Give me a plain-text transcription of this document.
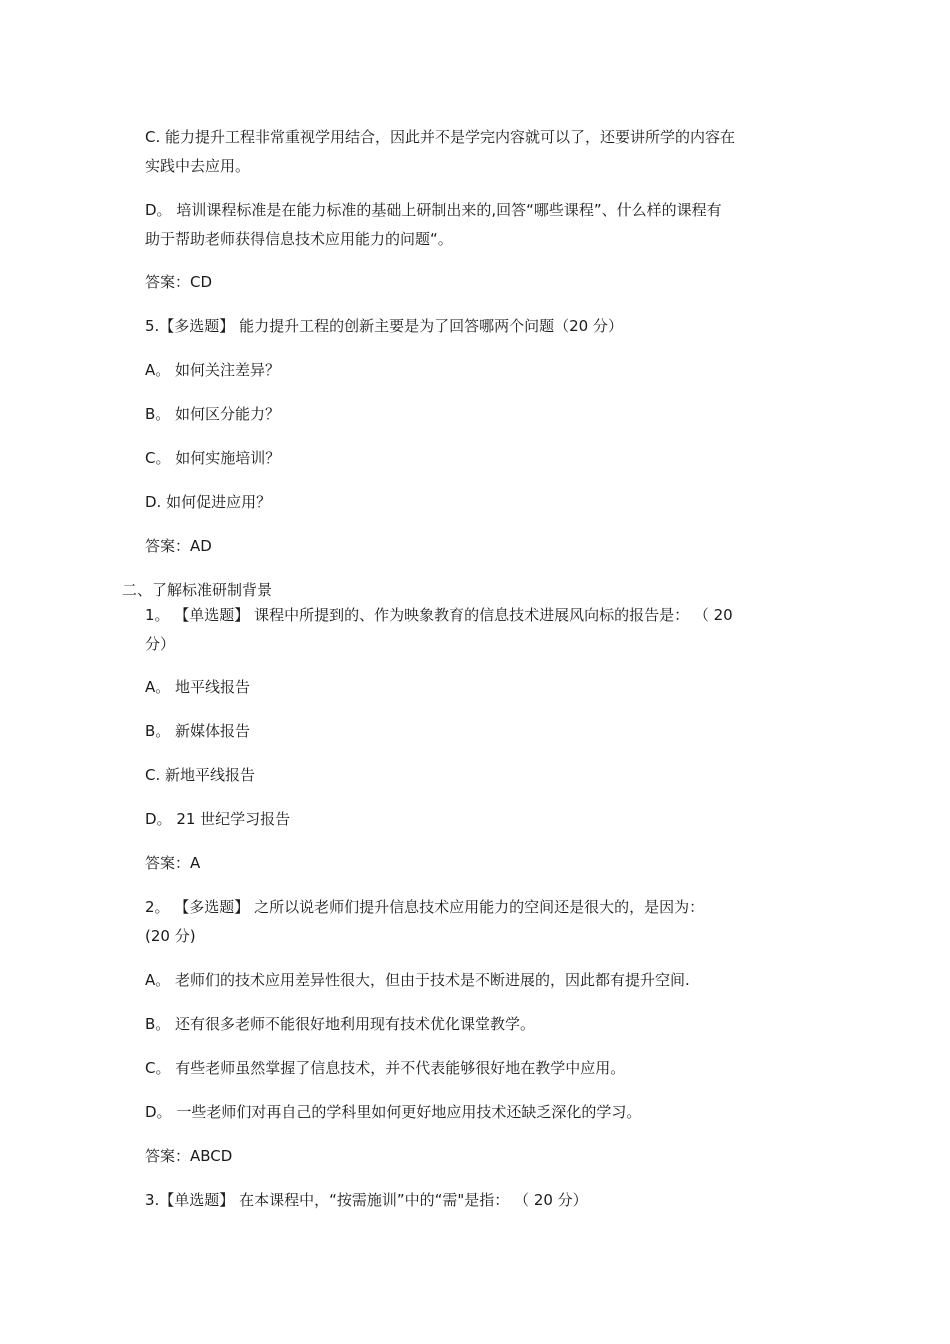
C. 能力提升工程非常重视学用结合，因此并不是学完内容就可以了，还要讲所学的内容在
实践中去应用。
D。 培训课程标准是在能力标准的基础上研制出来的,回答“哪些课程”、什么样的课程有
助于帮助老师获得信息技术应用能力的问题“。
答案：CD
5.【多选题】 能力提升工程的创新主要是为了回答哪两个问题（20 分）
A。 如何关注差异？
B。 如何区分能力？
C。 如何实施培训？
D. 如何促进应用？
答案：AD
二、了解标准研制背景
1。 【单选题】 课程中所提到的、作为映象教育的信息技术进展风向标的报告是： （ 20
分）
A。 地平线报告
B。 新媒体报告
C. 新地平线报告
D。 21 世纪学习报告
答案：A
2。 【多选题】 之所以说老师们提升信息技术应用能力的空间还是很大的，是因为：
(20 分)
A。 老师们的技术应用差异性很大，但由于技术是不断进展的，因此都有提升空间.
B。 还有很多老师不能很好地利用现有技术优化课堂教学。
C。 有些老师虽然掌握了信息技术，并不代表能够很好地在教学中应用。
D。 一些老师们对再自己的学科里如何更好地应用技术还缺乏深化的学习。
答案：ABCD
3.【单选题】 在本课程中，“按需施训”中的“需"是指： （ 20 分）
